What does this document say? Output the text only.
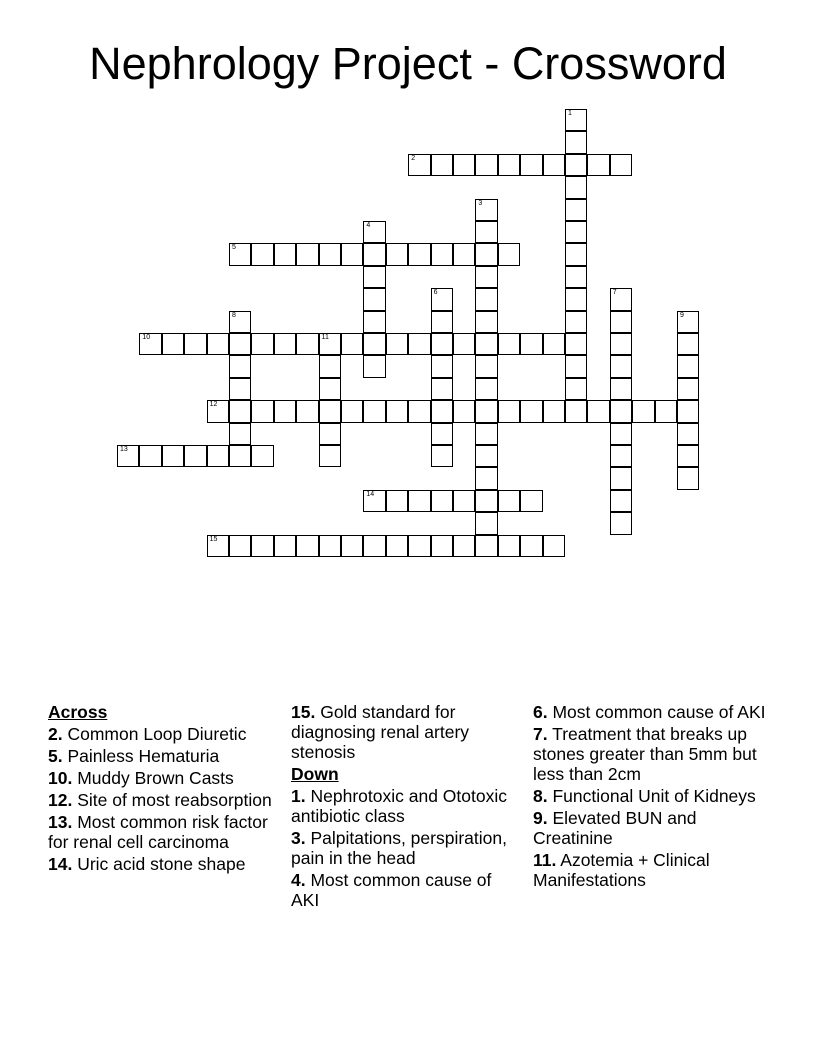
Nephrology Project - Crossword
2
5
10	11
12
13
14
15
1
3
4
6	7
8	9

Across

2. Common Loop Diuretic

5. Painless Hematuria

10. Muddy Brown Casts

12. Site of most reabsorption

13. Most common risk factor for renal cell carcinoma

14. Uric acid stone shape

15. Gold standard for diagnosing renal artery stenosis

Down

1. Nephrotoxic and Ototoxic antibiotic class

3. Palpitations, perspiration, pain in the head

4. Most common cause of AKI

6. Most common cause of AKI

7. Treatment that breaks up stones greater than 5mm but less than 2cm

8. Functional Unit of Kidneys

9. Elevated BUN and Creatinine

11. Azotemia + Clinical Manifestations
